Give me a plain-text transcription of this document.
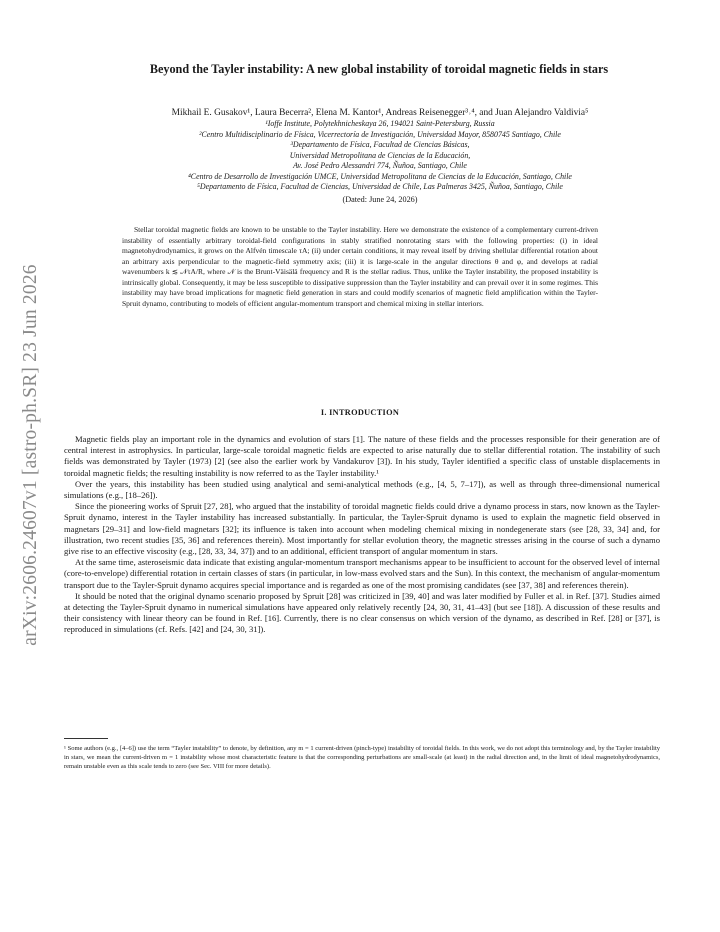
arXiv:2606.24607v1 [astro-ph.SR] 23 Jun 2026
Beyond the Tayler instability: A new global instability of toroidal magnetic fields in stars
Mikhail E. Gusakov¹, Laura Becerra², Elena M. Kantor¹, Andreas Reisenegger³˒⁴, and Juan Alejandro Valdivia⁵
¹Ioffe Institute, Polytekhnicheskaya 26, 194021 Saint-Petersburg, Russia
²Centro Multidisciplinario de Física, Vicerrectoría de Investigación, Universidad Mayor, 8580745 Santiago, Chile
³Departamento de Física, Facultad de Ciencias Básicas,
Universidad Metropolitana de Ciencias de la Educación,
Av. José Pedro Alessandri 774, Ñuñoa, Santiago, Chile
⁴Centro de Desarrollo de Investigación UMCE, Universidad Metropolitana de Ciencias de la Educación, Santiago, Chile
⁵Departamento de Física, Facultad de Ciencias, Universidad de Chile, Las Palmeras 3425, Ñuñoa, Santiago, Chile
(Dated: June 24, 2026)

Stellar toroidal magnetic fields are known to be unstable to the Tayler instability. Here we demonstrate the existence of a complementary current-driven instability of essentially arbitrary toroidal-field configurations in stably stratified nonrotating stars with the following properties: (i) in ideal magnetohydrodynamics, it grows on the Alfvén timescale τA; (ii) under certain conditions, it may reveal itself by driving shellular differential rotation about an arbitrary axis perpendicular to the magnetic-field symmetry axis; (iii) it is large-scale in the angular directions θ and φ, and develops at radial wavenumbers k ≲ 𝒩τA/R, where 𝒩 is the Brunt-Väisälä frequency and R is the stellar radius. Thus, unlike the Tayler instability, the proposed instability is intrinsically global. Consequently, it may be less susceptible to dissipative suppression than the Tayler instability and can prevail over it in some regimes. This instability may have broad implications for magnetic field generation in stars and could modify scenarios of magnetic field amplification within the Tayler-Spruit dynamo, contributing to models of efficient angular-momentum transport and chemical mixing in stellar interiors.

I. INTRODUCTION

Magnetic fields play an important role in the dynamics and evolution of stars [1]. The nature of these fields and the processes responsible for their generation are of central interest in astrophysics. In particular, large-scale toroidal magnetic fields are expected to arise naturally due to stellar differential rotation. The instability of such fields was demonstrated by Tayler (1973) [2] (see also the earlier work by Vandakurov [3]). In his study, Tayler identified a specific class of unstable displacements in toroidal magnetic fields; the resulting instability is now referred to as the Tayler instability.¹

Over the years, this instability has been studied using analytical and semi-analytical methods (e.g., [4, 5, 7–17]), as well as through three-dimensional numerical simulations (e.g., [18–26]).

Since the pioneering works of Spruit [27, 28], who argued that the instability of toroidal magnetic fields could drive a dynamo process in stars, now known as the Tayler-Spruit dynamo, interest in the Tayler instability has increased substantially. In particular, the Tayler-Spruit dynamo is used to explain the magnetic field observed in magnetars [29–31] and low-field magnetars [32]; its influence is taken into account when modeling chemical mixing in nondegenerate stars (see [28, 33, 34] and, for illustration, two recent studies [35, 36] and references therein). Most importantly for stellar evolution theory, the magnetic stresses arising in the course of such a dynamo give rise to an effective viscosity (e.g., [28, 33, 34, 37]) and to an additional, efficient transport of angular momentum in stars.

At the same time, asteroseismic data indicate that existing angular-momentum transport mechanisms appear to be insufficient to account for the observed level of internal (core-to-envelope) differential rotation in certain classes of stars (in particular, in low-mass evolved stars and the Sun). In this context, the mechanism of angular-momentum transport due to the Tayler-Spruit dynamo acquires special importance and is regarded as one of the most promising candidates (see [37, 38] and references therein).

It should be noted that the original dynamo scenario proposed by Spruit [28] was criticized in [39, 40] and was later modified by Fuller et al. in Ref. [37]. Studies aimed at detecting the Tayler-Spruit dynamo in numerical simulations have appeared only relatively recently [24, 30, 31, 41–43] (but see [18]). A discussion of these results and their consistency with linear theory can be found in Ref. [16]. Currently, there is no clear consensus on which version of the dynamo, as described in Ref. [28] or [37], is reproduced in simulations (cf. Refs. [42] and [24, 30, 31]).

¹ Some authors (e.g., [4–6]) use the term “Tayler instability” to denote, by definition, any m = 1 current-driven (pinch-type) instability of toroidal fields. In this work, we do not adopt this terminology and, by the Tayler instability in stars, we mean the current-driven m = 1 instability whose most characteristic feature is that the corresponding perturbations are small-scale (at least) in the radial direction and, in the limit of ideal magnetohydrodynamics, remain unstable even as this scale tends to zero (see Sec. VIII for more details).
